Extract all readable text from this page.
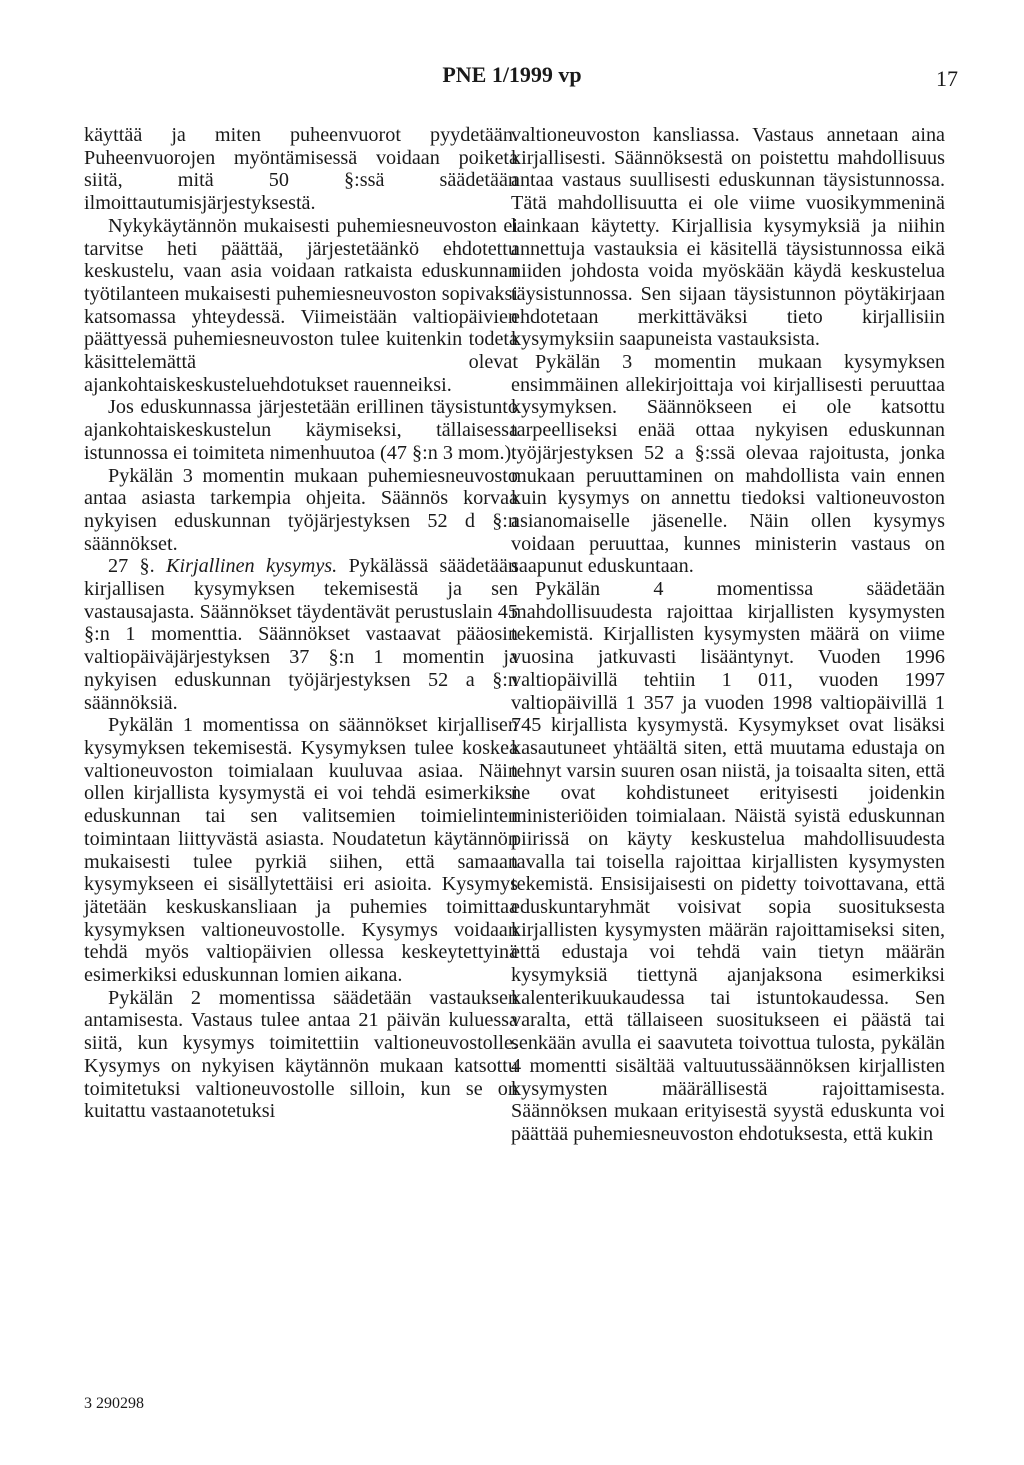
PNE 1/1999 vp	17

käyttää ja miten puheenvuorot pyydetään. Puheenvuorojen myöntämisessä voidaan poiketa siitä, mitä 50 §:ssä säädetään ilmoittautumisjärjestyksestä.

Nykykäytännön mukaisesti puhemiesneuvoston ei tarvitse heti päättää, järjestetäänkö ehdotettu keskustelu, vaan asia voidaan ratkaista eduskunnan työtilanteen mukaisesti puhemiesneuvoston sopivaksi katsomassa yhteydessä. Viimeistään valtiopäivien päättyessä puhemiesneuvoston tulee kuitenkin todeta käsittelemättä olevat ajankohtaiskeskusteluehdotukset rauenneiksi.

Jos eduskunnassa järjestetään erillinen täysistunto ajankohtaiskeskustelun käymiseksi, tällaisessa istunnossa ei toimiteta nimenhuutoa (47 §:n 3 mom.).

Pykälän 3 momentin mukaan puhemiesneuvosto antaa asiasta tarkempia ohjeita. Säännös korvaa nykyisen eduskunnan työjärjestyksen 52 d §:n säännökset.

27 §. Kirjallinen kysymys. Pykälässä säädetään kirjallisen kysymyksen tekemisestä ja sen vastausajasta. Säännökset täydentävät perustuslain 45 §:n 1 momenttia. Säännökset vastaavat pääosin valtiopäiväjärjestyksen 37 §:n 1 momentin ja nykyisen eduskunnan työjärjestyksen 52 a §:n säännöksiä.

Pykälän 1 momentissa on säännökset kirjallisen kysymyksen tekemisestä. Kysymyksen tulee koskea valtioneuvoston toimialaan kuuluvaa asiaa. Näin ollen kirjallista kysymystä ei voi tehdä esimerkiksi eduskunnan tai sen valitsemien toimielinten toimintaan liittyvästä asiasta. Noudatetun käytännön mukaisesti tulee pyrkiä siihen, että samaan kysymykseen ei sisällytettäisi eri asioita. Kysymys jätetään keskuskansliaan ja puhemies toimittaa kysymyksen valtioneuvostolle. Kysymys voidaan tehdä myös valtiopäivien ollessa keskeytettyinä esimerkiksi eduskunnan lomien aikana.

Pykälän 2 momentissa säädetään vastauksen antamisesta. Vastaus tulee antaa 21 päivän kuluessa siitä, kun kysymys toimitettiin valtioneuvostolle. Kysymys on nykyisen käytännön mukaan katsottu toimitetuksi valtioneuvostolle silloin, kun se on kuitattu vastaanotetuksi

valtioneuvoston kansliassa. Vastaus annetaan aina kirjallisesti. Säännöksestä on poistettu mahdollisuus antaa vastaus suullisesti eduskunnan täysistunnossa. Tätä mahdollisuutta ei ole viime vuosikymmeninä lainkaan käytetty. Kirjallisia kysymyksiä ja niihin annettuja vastauksia ei käsitellä täysistunnossa eikä niiden johdosta voida myöskään käydä keskustelua täysistunnossa. Sen sijaan täysistunnon pöytäkirjaan ehdotetaan merkittäväksi tieto kirjallisiin kysymyksiin saapuneista vastauksista.

Pykälän 3 momentin mukaan kysymyksen ensimmäinen allekirjoittaja voi kirjallisesti peruuttaa kysymyksen. Säännökseen ei ole katsottu tarpeelliseksi enää ottaa nykyisen eduskunnan työjärjestyksen 52 a §:ssä olevaa rajoitusta, jonka mukaan peruuttaminen on mahdollista vain ennen kuin kysymys on annettu tiedoksi valtioneuvoston asianomaiselle jäsenelle. Näin ollen kysymys voidaan peruuttaa, kunnes ministerin vastaus on saapunut eduskuntaan.

Pykälän 4 momentissa säädetään mahdollisuudesta rajoittaa kirjallisten kysymysten tekemistä. Kirjallisten kysymysten määrä on viime vuosina jatkuvasti lisääntynyt. Vuoden 1996 valtiopäivillä tehtiin 1 011, vuoden 1997 valtiopäivillä 1 357 ja vuoden 1998 valtiopäivillä 1 745 kirjallista kysymystä. Kysymykset ovat lisäksi kasautuneet yhtäältä siten, että muutama edustaja on tehnyt varsin suuren osan niistä, ja toisaalta siten, että ne ovat kohdistuneet erityisesti joidenkin ministeriöiden toimialaan. Näistä syistä eduskunnan piirissä on käyty keskustelua mahdollisuudesta tavalla tai toisella rajoittaa kirjallisten kysymysten tekemistä. Ensisijaisesti on pidetty toivottavana, että eduskuntaryhmät voisivat sopia suosituksesta kirjallisten kysymysten määrän rajoittamiseksi siten, että edustaja voi tehdä vain tietyn määrän kysymyksiä tiettynä ajanjaksona esimerkiksi kalenterikuukaudessa tai istuntokaudessa. Sen varalta, että tällaiseen suositukseen ei päästä tai senkään avulla ei saavuteta toivottua tulosta, pykälän 4 momentti sisältää valtuutussäännöksen kirjallisten kysymysten määrällisestä rajoittamisesta. Säännöksen mukaan erityisestä syystä eduskunta voi päättää puhemiesneuvoston ehdotuksesta, että kukin

3 290298
